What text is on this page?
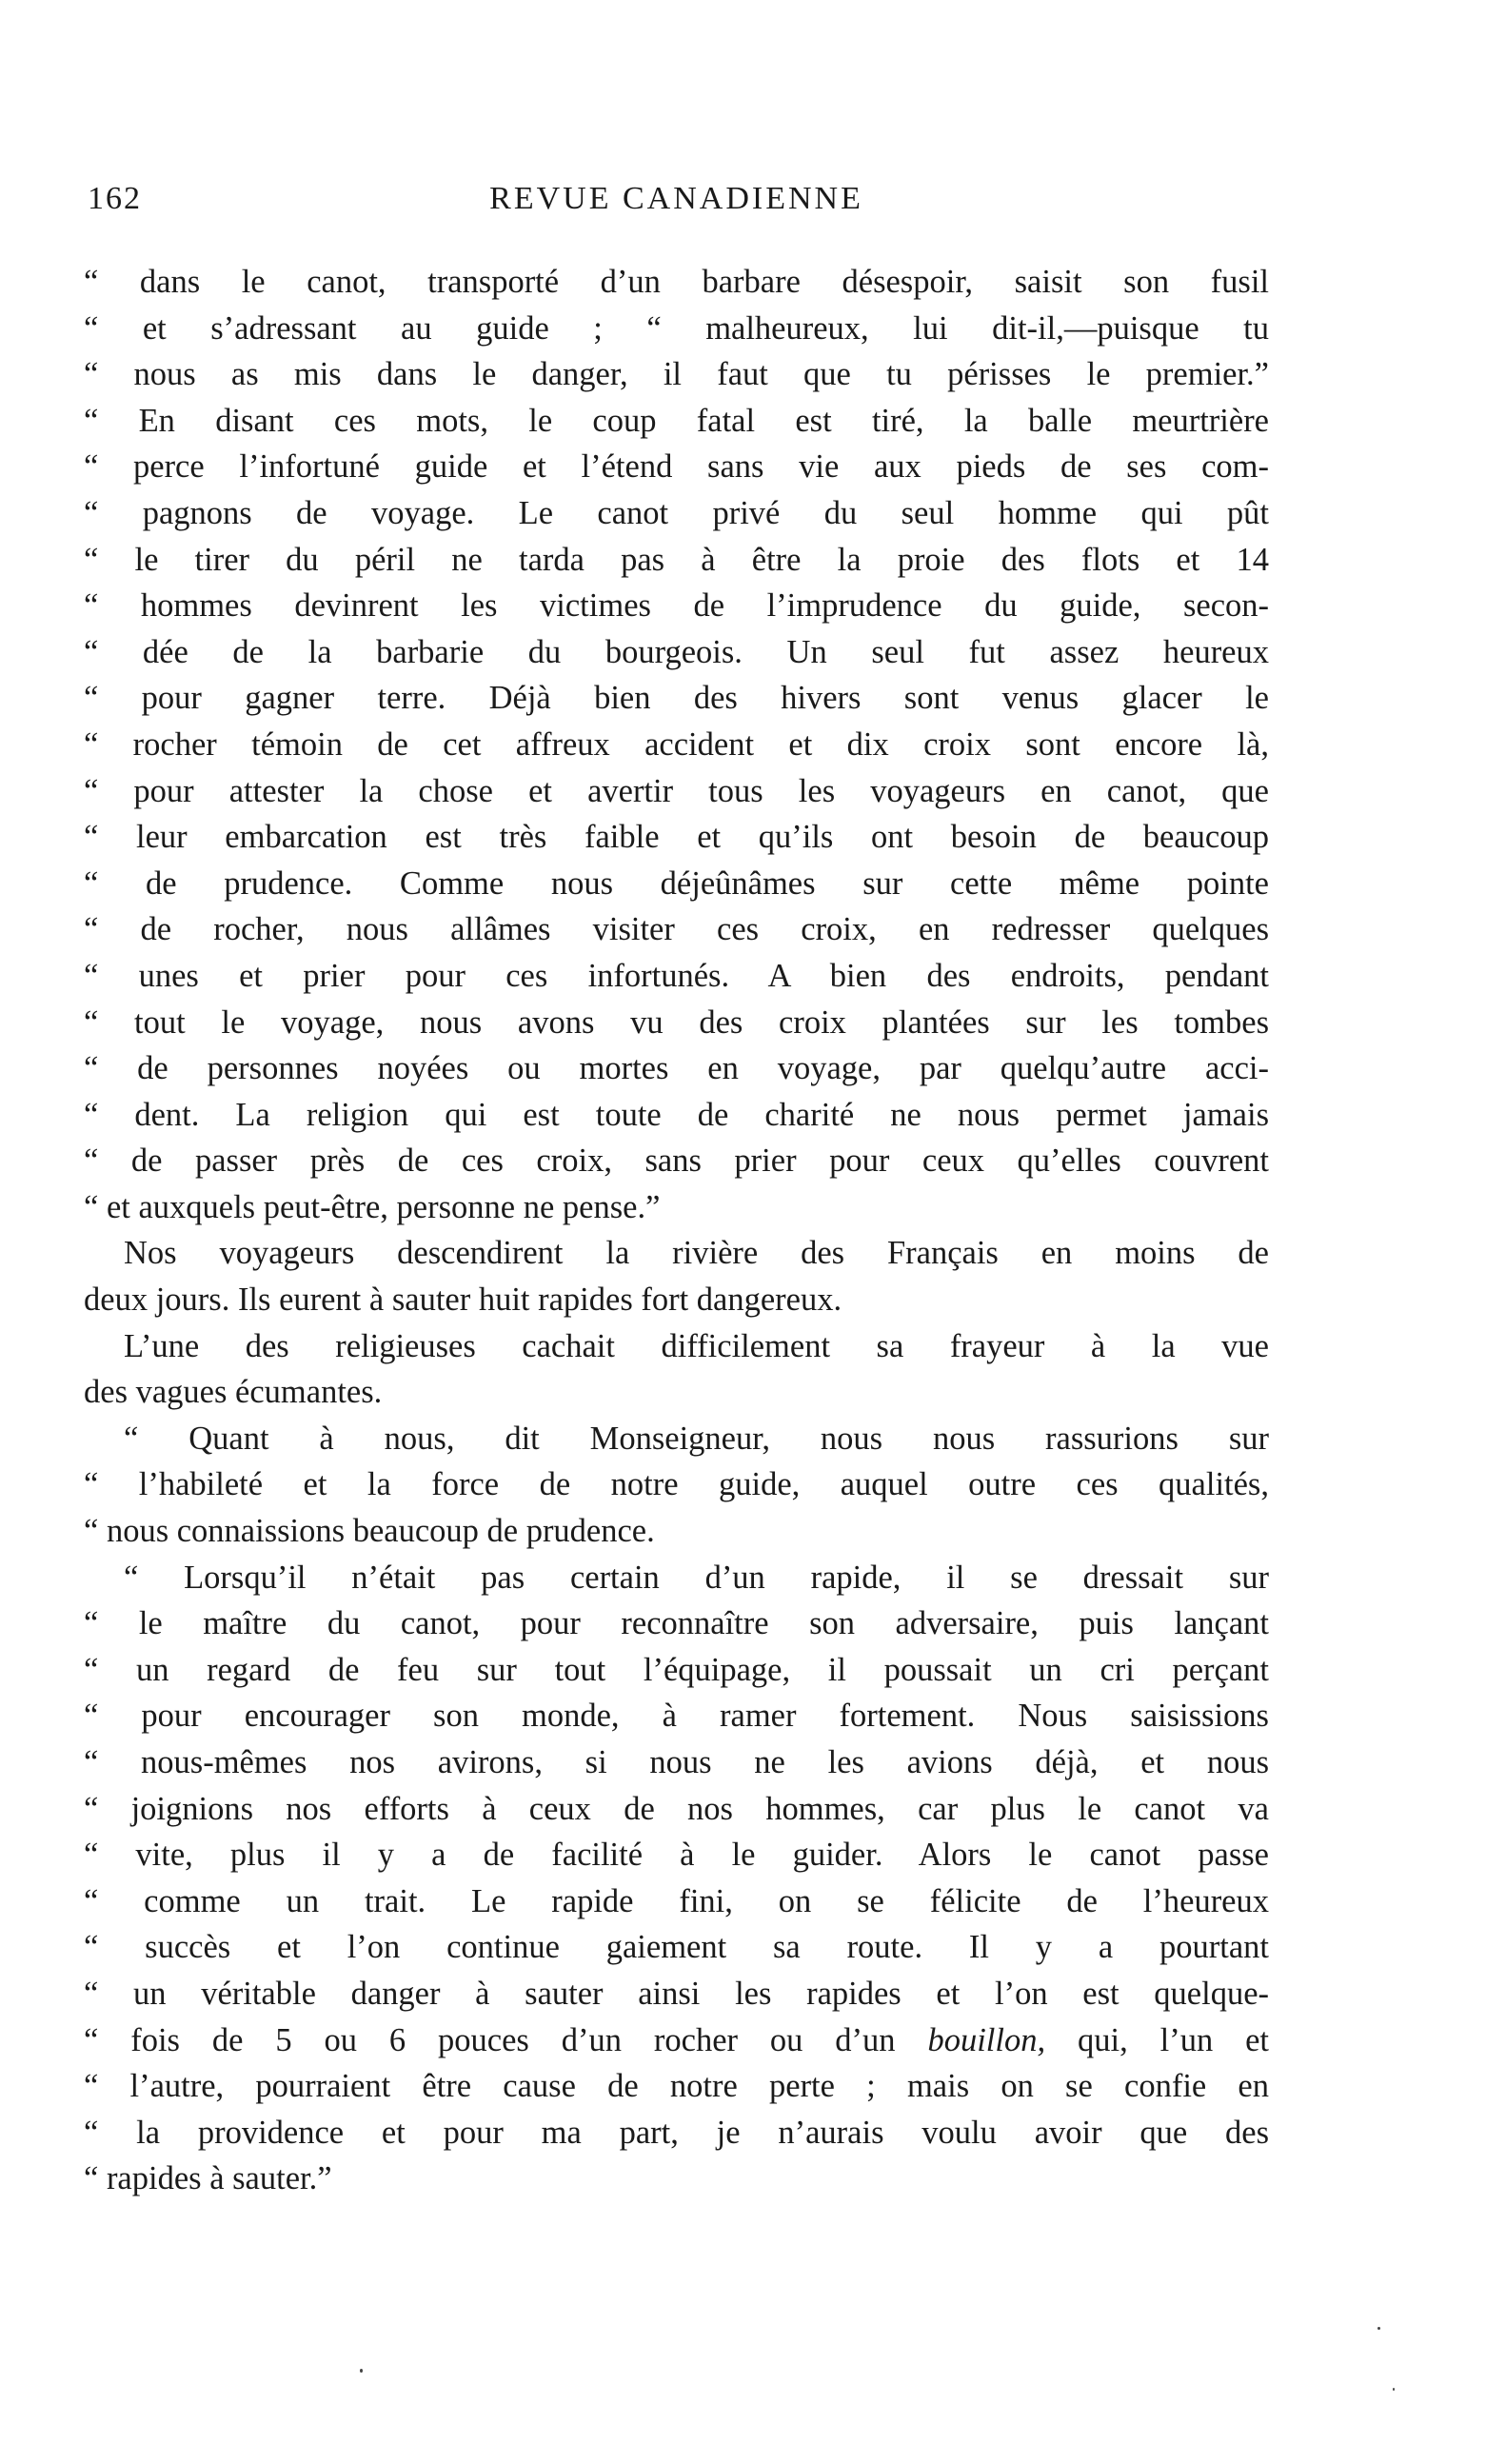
162	REVUE CANADIENNE
“ dans le canot, transporté d’un barbare désespoir, saisit son fusil
“ et s’adressant au guide ; “ malheureux, lui dit-il,—puisque tu
“ nous as mis dans le danger, il faut que tu périsses le premier.”
“ En disant ces mots, le coup fatal est tiré, la balle meurtrière
“ perce l’infortuné guide et l’étend sans vie aux pieds de ses com-
“ pagnons de voyage. Le canot privé du seul homme qui pût
“ le tirer du péril ne tarda pas à être la proie des flots et 14
“ hommes devinrent les victimes de l’imprudence du guide, secon-
“ dée de la barbarie du bourgeois. Un seul fut assez heureux
“ pour gagner terre. Déjà bien des hivers sont venus glacer le
“ rocher témoin de cet affreux accident et dix croix sont encore là,
“ pour attester la chose et avertir tous les voyageurs en canot, que
“ leur embarcation est très faible et qu’ils ont besoin de beaucoup
“ de prudence. Comme nous déjeûnâmes sur cette même pointe
“ de rocher, nous allâmes visiter ces croix, en redresser quelques
“ unes et prier pour ces infortunés. A bien des endroits, pendant
“ tout le voyage, nous avons vu des croix plantées sur les tombes
“ de personnes noyées ou mortes en voyage, par quelqu’autre acci-
“ dent. La religion qui est toute de charité ne nous permet jamais
“ de passer près de ces croix, sans prier pour ceux qu’elles couvrent
“ et auxquels peut-être, personne ne pense.”
Nos voyageurs descendirent la rivière des Français en moins de
deux jours. Ils eurent à sauter huit rapides fort dangereux.
L’une des religieuses cachait difficilement sa frayeur à la vue
des vagues écumantes.
“ Quant à nous, dit Monseigneur, nous nous rassurions sur
“ l’habileté et la force de notre guide, auquel outre ces qualités,
“ nous connaissions beaucoup de prudence.
“ Lorsqu’il n’était pas certain d’un rapide, il se dressait sur
“ le maître du canot, pour reconnaître son adversaire, puis lançant
“ un regard de feu sur tout l’équipage, il poussait un cri perçant
“ pour encourager son monde, à ramer fortement. Nous saisissions
“ nous-mêmes nos avirons, si nous ne les avions déjà, et nous
“ joignions nos efforts à ceux de nos hommes, car plus le canot va
“ vite, plus il y a de facilité à le guider. Alors le canot passe
“ comme un trait. Le rapide fini, on se félicite de l’heureux
“ succès et l’on continue gaiement sa route. Il y a pourtant
“ un véritable danger à sauter ainsi les rapides et l’on est quelque-
“ fois de 5 ou 6 pouces d’un rocher ou d’un bouillon, qui, l’un et
“ l’autre, pourraient être cause de notre perte ; mais on se confie en
“ la providence et pour ma part, je n’aurais voulu avoir que des
“ rapides à sauter.”
